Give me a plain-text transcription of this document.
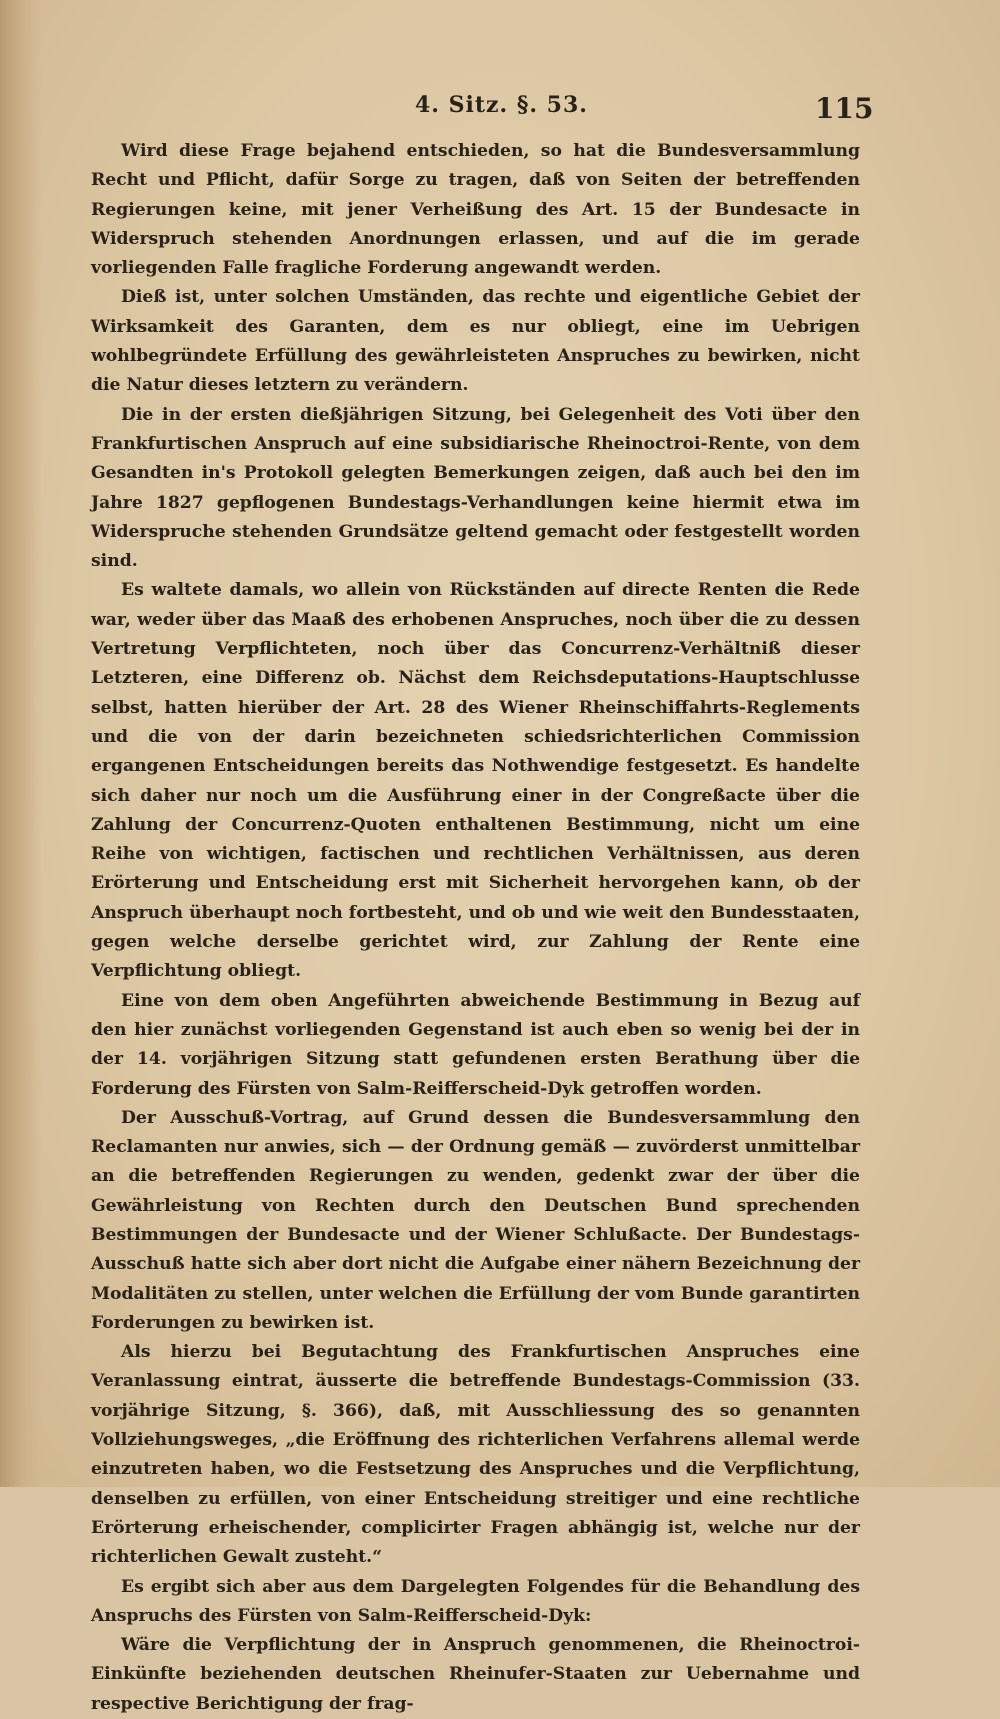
4. Sitz. §. 53.	115

Wird diese Frage bejahend entschieden, so hat die Bundesversammlung Recht und Pflicht, dafür Sorge zu tragen, daß von Seiten der betreffenden Regierungen keine, mit jener Verheißung des Art. 15 der Bundesacte in Widerspruch stehenden Anordnungen erlassen, und auf die im gerade vorliegenden Falle fragliche Forderung angewandt werden.

Dieß ist, unter solchen Umständen, das rechte und eigentliche Gebiet der Wirksamkeit des Garanten, dem es nur obliegt, eine im Uebrigen wohlbegründete Erfüllung des gewährleisteten Anspruches zu bewirken, nicht die Natur dieses letztern zu verändern.

Die in der ersten dießjährigen Sitzung, bei Gelegenheit des Voti über den Frankfurtischen Anspruch auf eine subsidiarische Rheinoctroi-Rente, von dem Gesandten in's Protokoll gelegten Bemerkungen zeigen, daß auch bei den im Jahre 1827 gepflogenen Bundestags-Verhandlungen keine hiermit etwa im Widerspruche stehenden Grundsätze geltend gemacht oder festgestellt worden sind.

Es waltete damals, wo allein von Rückständen auf directe Renten die Rede war, weder über das Maaß des erhobenen Anspruches, noch über die zu dessen Vertretung Verpflichteten, noch über das Concurrenz-Verhältniß dieser Letzteren, eine Differenz ob. Nächst dem Reichsdeputations-Hauptschlusse selbst, hatten hierüber der Art. 28 des Wiener Rheinschiffahrts-Reglements und die von der darin bezeichneten schiedsrichterlichen Commission ergangenen Entscheidungen bereits das Nothwendige festgesetzt. Es handelte sich daher nur noch um die Ausführung einer in der Congreßacte über die Zahlung der Concurrenz-Quoten enthaltenen Bestimmung, nicht um eine Reihe von wichtigen, factischen und rechtlichen Verhältnissen, aus deren Erörterung und Entscheidung erst mit Sicherheit hervorgehen kann, ob der Anspruch überhaupt noch fortbesteht, und ob und wie weit den Bundesstaaten, gegen welche derselbe gerichtet wird, zur Zahlung der Rente eine Verpflichtung obliegt.

Eine von dem oben Angeführten abweichende Bestimmung in Bezug auf den hier zunächst vorliegenden Gegenstand ist auch eben so wenig bei der in der 14. vorjährigen Sitzung statt gefundenen ersten Berathung über die Forderung des Fürsten von Salm-Reifferscheid-Dyk getroffen worden.

Der Ausschuß-Vortrag, auf Grund dessen die Bundesversammlung den Reclamanten nur anwies, sich — der Ordnung gemäß — zuvörderst unmittelbar an die betreffenden Regierungen zu wenden, gedenkt zwar der über die Gewährleistung von Rechten durch den Deutschen Bund sprechenden Bestimmungen der Bundesacte und der Wiener Schlußacte. Der Bundestags-Ausschuß hatte sich aber dort nicht die Aufgabe einer nähern Bezeichnung der Modalitäten zu stellen, unter welchen die Erfüllung der vom Bunde garantirten Forderungen zu bewirken ist.

Als hierzu bei Begutachtung des Frankfurtischen Anspruches eine Veranlassung eintrat, äusserte die betreffende Bundestags-Commission (33. vorjährige Sitzung, §. 366), daß, mit Ausschliessung des so genannten Vollziehungsweges, „die Eröffnung des richterlichen Verfahrens allemal werde einzutreten haben, wo die Festsetzung des Anspruches und die Verpflichtung, denselben zu erfüllen, von einer Entscheidung streitiger und eine rechtliche Erörterung erheischender, complicirter Fragen abhängig ist, welche nur der richterlichen Gewalt zusteht.“

Es ergibt sich aber aus dem Dargelegten Folgendes für die Behandlung des Anspruchs des Fürsten von Salm-Reifferscheid-Dyk:

Wäre die Verpflichtung der in Anspruch genommenen, die Rheinoctroi-Einkünfte beziehenden deutschen Rheinufer-Staaten zur Uebernahme und respective Berichtigung der frag-
